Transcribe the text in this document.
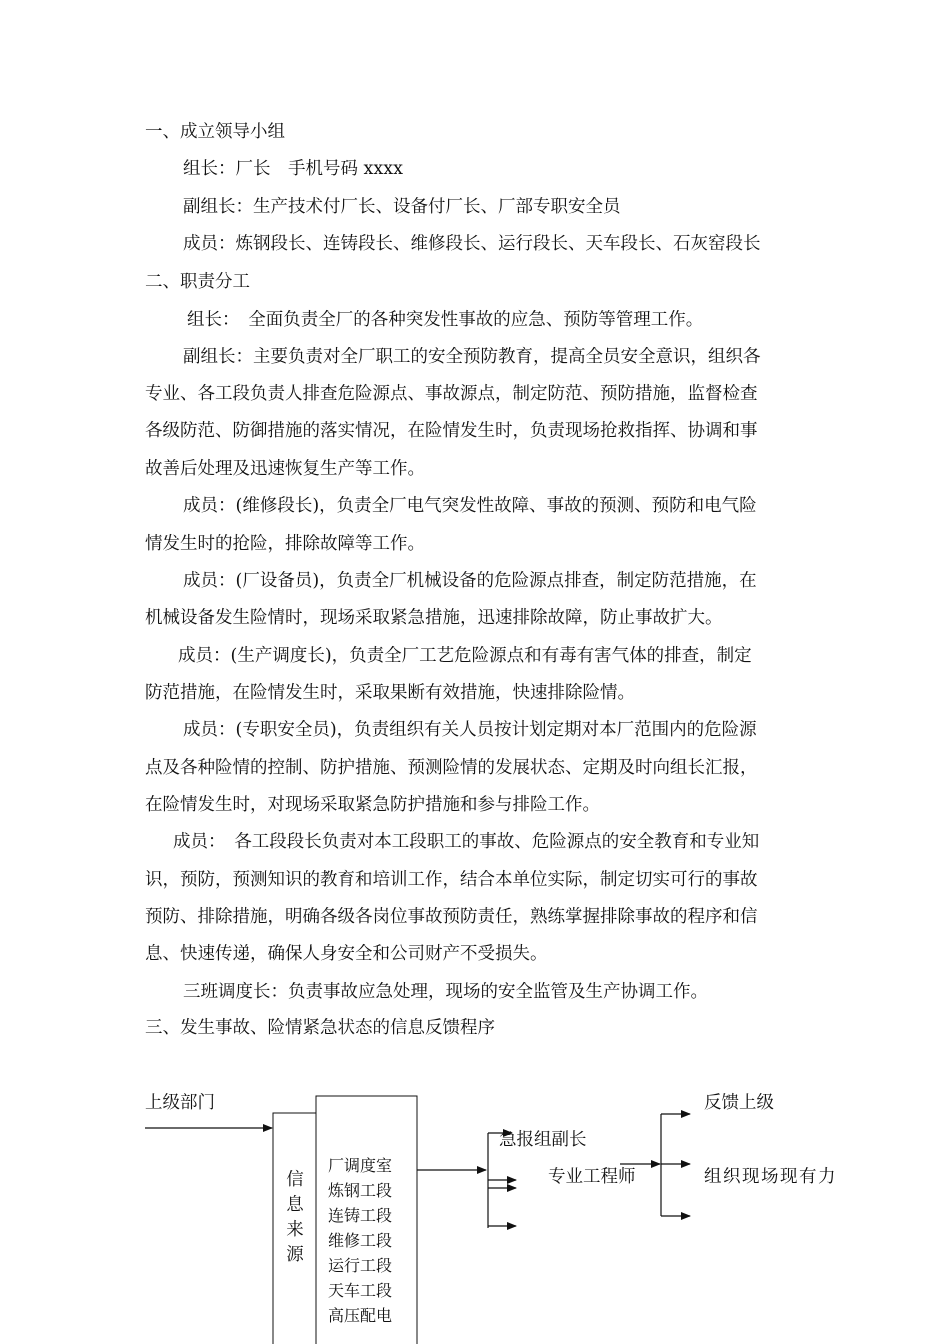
一、成立领导小组
组长：厂长　手机号码 xxxx
副组长：生产技术付厂长、设备付厂长、厂部专职安全员
成员：炼钢段长、连铸段长、维修段长、运行段长、天车段长、石灰窑段长
二、职责分工
组长：　全面负责全厂的各种突发性事故的应急、预防等管理工作。
副组长：主要负责对全厂职工的安全预防教育，提高全员安全意识，组织各
专业、各工段负责人排查危险源点、事故源点，制定防范、预防措施，监督检查
各级防范、防御措施的落实情况，在险情发生时，负责现场抢救指挥、协调和事
故善后处理及迅速恢复生产等工作。
成员：(维修段长)，负责全厂电气突发性故障、事故的预测、预防和电气险
情发生时的抢险，排除故障等工作。
成员：(厂设备员)，负责全厂机械设备的危险源点排查，制定防范措施，在
机械设备发生险情时，现场采取紧急措施，迅速排除故障，防止事故扩大。
成员：(生产调度长)，负责全厂工艺危险源点和有毒有害气体的排查，制定
防范措施，在险情发生时，采取果断有效措施，快速排除险情。
成员：(专职安全员)，负责组织有关人员按计划定期对本厂范围内的危险源
点及各种险情的控制、防护措施、预测险情的发展状态、定期及时向组长汇报，
在险情发生时，对现场采取紧急防护措施和参与排险工作。
成员：　各工段段长负责对本工段职工的事故、危险源点的安全教育和专业知
识，预防，预测知识的教育和培训工作，结合本单位实际，制定切实可行的事故
预防、排除措施，明确各级各岗位事故预防责任，熟练掌握排除事故的程序和信
息、快速传递，确保人身安全和公司财产不受损失。
三班调度长：负责事故应急处理，现场的安全监管及生产协调工作。
三、发生事故、险情紧急状态的信息反馈程序
上级部门
信
息
来
源
厂调度室
炼钢工段
连铸工段
维修工段
运行工段
天车工段
高压配电
急报组副长
专业工程师
反馈上级
组织现场现有力
